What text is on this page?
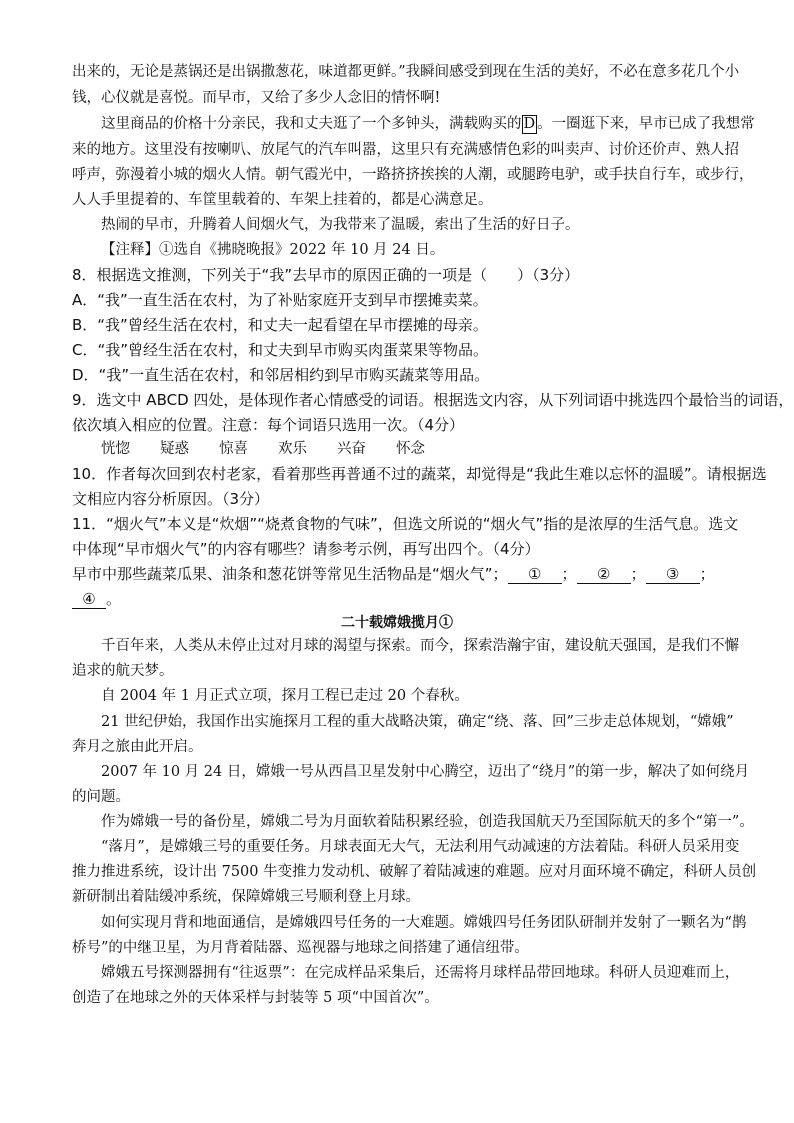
出来的，无论是蒸锅还是出锅撒葱花，味道都更鲜。”我瞬间感受到现在生活的美好，不必在意多花几个小

钱，心仪就是喜悦。而早市，又给了多少人念旧的情怀啊!

这里商品的价格十分亲民，我和丈夫逛了一个多钟头，满载购买的 D 。一圈逛下来，早市已成了我想常

来的地方。这里没有按喇叭、放尾气的汽车叫嚣，这里只有充满感情色彩的叫卖声、讨价还价声、熟人招

呼声，弥漫着小城的烟火人情。朝气霞光中，一路挤挤挨挨的人潮，或腿跨电驴，或手扶自行车，或步行，

人人手里提着的、车筐里载着的、车架上挂着的，都是心满意足。

热闹的早市，升腾着人间烟火气，为我带来了温暖，索出了生活的好日子。

【注释】①选自《拂晓晚报》2022 年 10 月 24 日。

8．根据选文推测，下列关于“我”去早市的原因正确的一项是（　　）（3分）

A．“我”一直生活在农村，为了补贴家庭开支到早市摆摊卖菜。

B．“我”曾经生活在农村，和丈夫一起看望在早市摆摊的母亲。

C．“我”曾经生活在农村，和丈夫到早市购买肉蛋菜果等物品。

D．“我”一直生活在农村，和邻居相约到早市购买蔬菜等用品。

9．选文中 ABCD 四处，是体现作者心情感受的词语。根据选文内容，从下列词语中挑选四个最恰当的词语，

依次填入相应的位置。注意：每个词语只选用一次。（4分）

恍惚 疑惑 惊喜 欢乐 兴奋 怀念

10．作者每次回到农村老家，看着那些再普通不过的蔬菜，却觉得是“我此生难以忘怀的温暖”。请根据选

文相应内容分析原因。（3分）

11．“烟火气”本义是“炊烟”“烧煮食物的气味”，但选文所说的“烟火气”指的是浓厚的生活气息。选文

中体现“早市烟火气”的内容有哪些？请参考示例，再写出四个。（4分）

早市中那些蔬菜瓜果、油条和葱花饼等常见生活物品是“烟火气”； ① ； ② ； ③ ；

④ 。

二十载嫦娥揽月①

千百年来，人类从未停止过对月球的渴望与探索。而今，探索浩瀚宇宙，建设航天强国，是我们不懈

追求的航天梦。

自 2004 年 1 月正式立项，探月工程已走过 20 个春秋。

21 世纪伊始，我国作出实施探月工程的重大战略决策，确定“绕、落、回”三步走总体规划，“嫦娥”

奔月之旅由此开启。

2007 年 10 月 24 日，嫦娥一号从西昌卫星发射中心腾空，迈出了“绕月”的第一步，解决了如何绕月

的问题。

作为嫦娥一号的备份星，嫦娥二号为月面软着陆积累经验，创造我国航天乃至国际航天的多个“第一”。

“落月”，是嫦娥三号的重要任务。月球表面无大气，无法利用气动减速的方法着陆。科研人员采用变

推力推进系统，设计出 7500 牛变推力发动机、破解了着陆减速的难题。应对月面环境不确定，科研人员创

新研制出着陆缓冲系统，保障嫦娥三号顺利登上月球。

如何实现月背和地面通信，是嫦娥四号任务的一大难题。嫦娥四号任务团队研制并发射了一颗名为“鹊

桥号”的中继卫星，为月背着陆器、巡视器与地球之间搭建了通信纽带。

嫦娥五号探测器拥有“往返票”：在完成样品采集后，还需将月球样品带回地球。科研人员迎难而上，

创造了在地球之外的天体采样与封装等 5 项“中国首次”。
